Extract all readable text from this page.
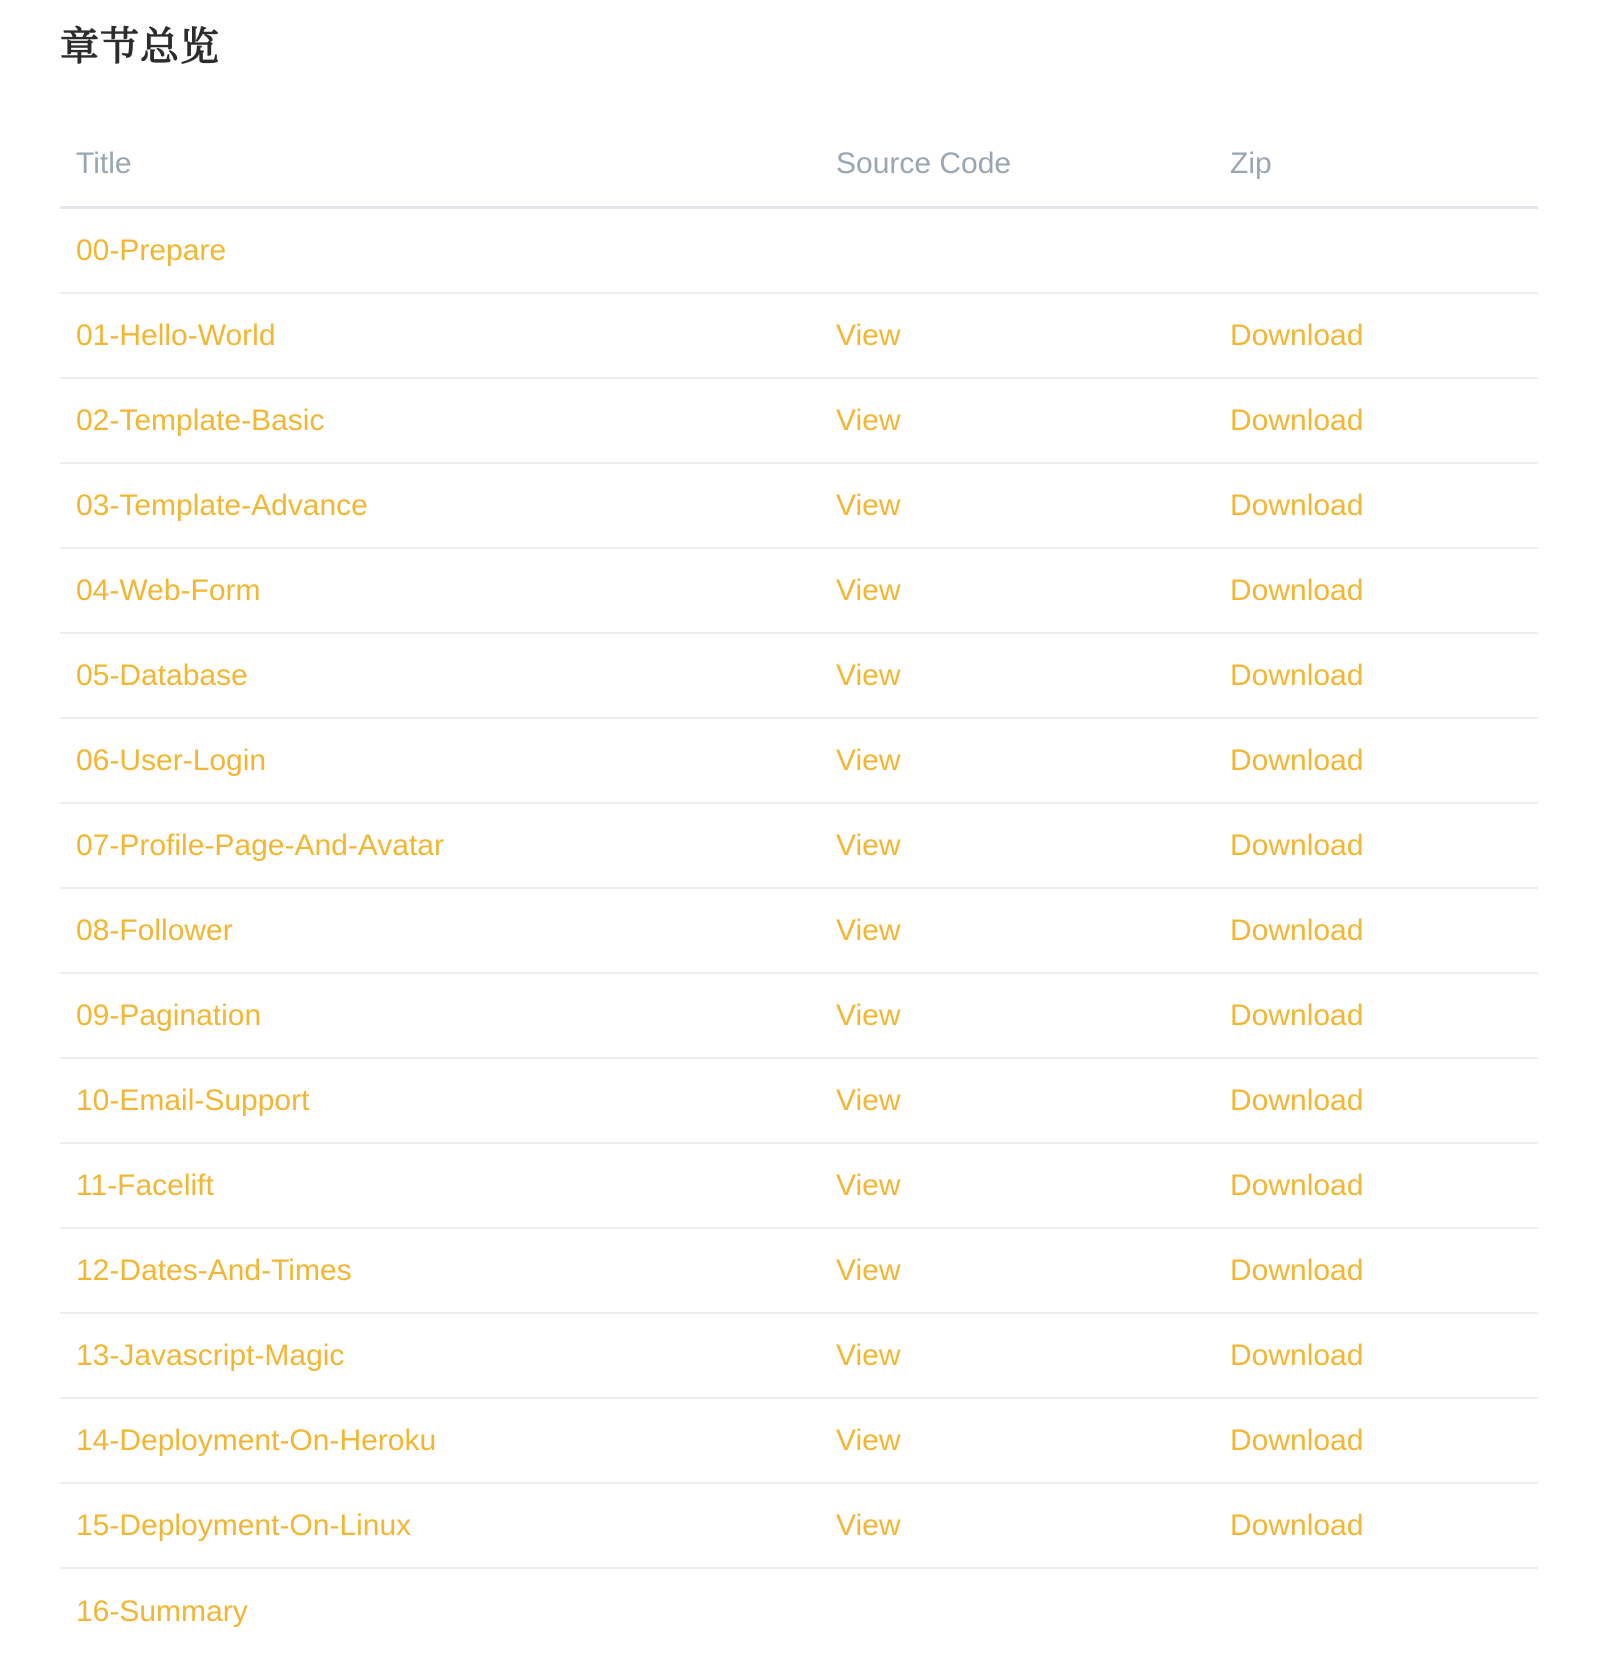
章节总览
Title	Source Code	Zip
00-Prepare
01-Hello-World	View	Download
02-Template-Basic	View	Download
03-Template-Advance	View	Download
04-Web-Form	View	Download
05-Database	View	Download
06-User-Login	View	Download
07-Profile-Page-And-Avatar	View	Download
08-Follower	View	Download
09-Pagination	View	Download
10-Email-Support	View	Download
11-Facelift	View	Download
12-Dates-And-Times	View	Download
13-Javascript-Magic	View	Download
14-Deployment-On-Heroku	View	Download
15-Deployment-On-Linux	View	Download
16-Summary
